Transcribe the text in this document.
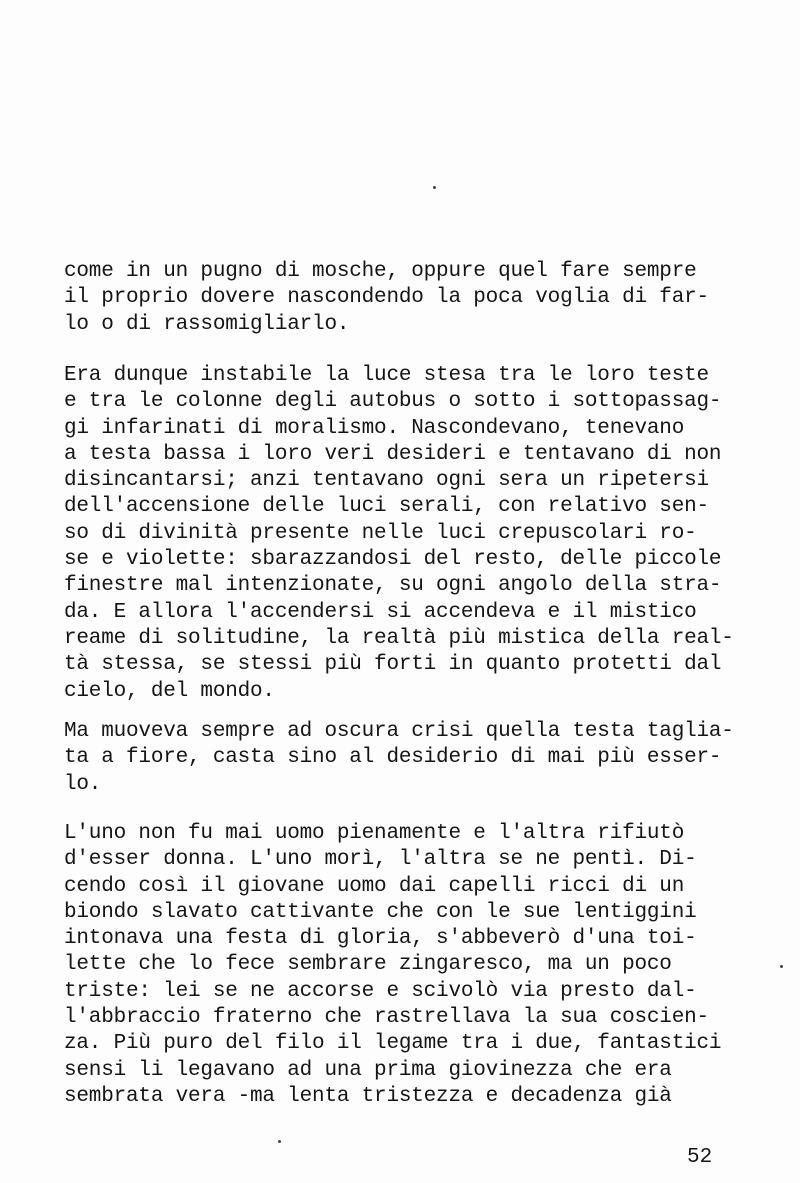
come in un pugno di mosche, oppure quel fare sempre
il proprio dovere nascondendo la poca voglia di far-
lo o di rassomigliarlo.
Era dunque instabile la luce stesa tra le loro teste
e tra le colonne degli autobus o sotto i sottopassag-
gi infarinati di moralismo. Nascondevano, tenevano
a testa bassa i loro veri desideri e tentavano di non
disincantarsi; anzi tentavano ogni sera un ripetersi
dell'accensione delle luci serali, con relativo sen-
so di divinità presente nelle luci crepuscolari ro-
se e violette: sbarazzandosi del resto, delle piccole
finestre mal intenzionate, su ogni angolo della stra-
da. E allora l'accendersi si accendeva e il mistico
reame di solitudine, la realtà più mistica della real-
tà stessa, se stessi più forti in quanto protetti dal
cielo, del mondo.
Ma muoveva sempre ad oscura crisi quella testa taglia-
ta a fiore, casta sino al desiderio di mai più esser-
lo.
L'uno non fu mai uomo pienamente e l'altra rifiutò
d'esser donna. L'uno morì, l'altra se ne pentì. Di-
cendo così il giovane uomo dai capelli ricci di un
biondo slavato cattivante che con le sue lentiggini
intonava una festa di gloria, s'abbeverò d'una toi-
lette che lo fece sembrare zingaresco, ma un poco
triste: lei se ne accorse e scivolò via presto dal-
l'abbraccio fraterno che rastrellava la sua coscien-
za. Più puro del filo il legame tra i due, fantastici
sensi li legavano ad una prima giovinezza che era
sembrata vera -ma lenta tristezza e decadenza già
52
